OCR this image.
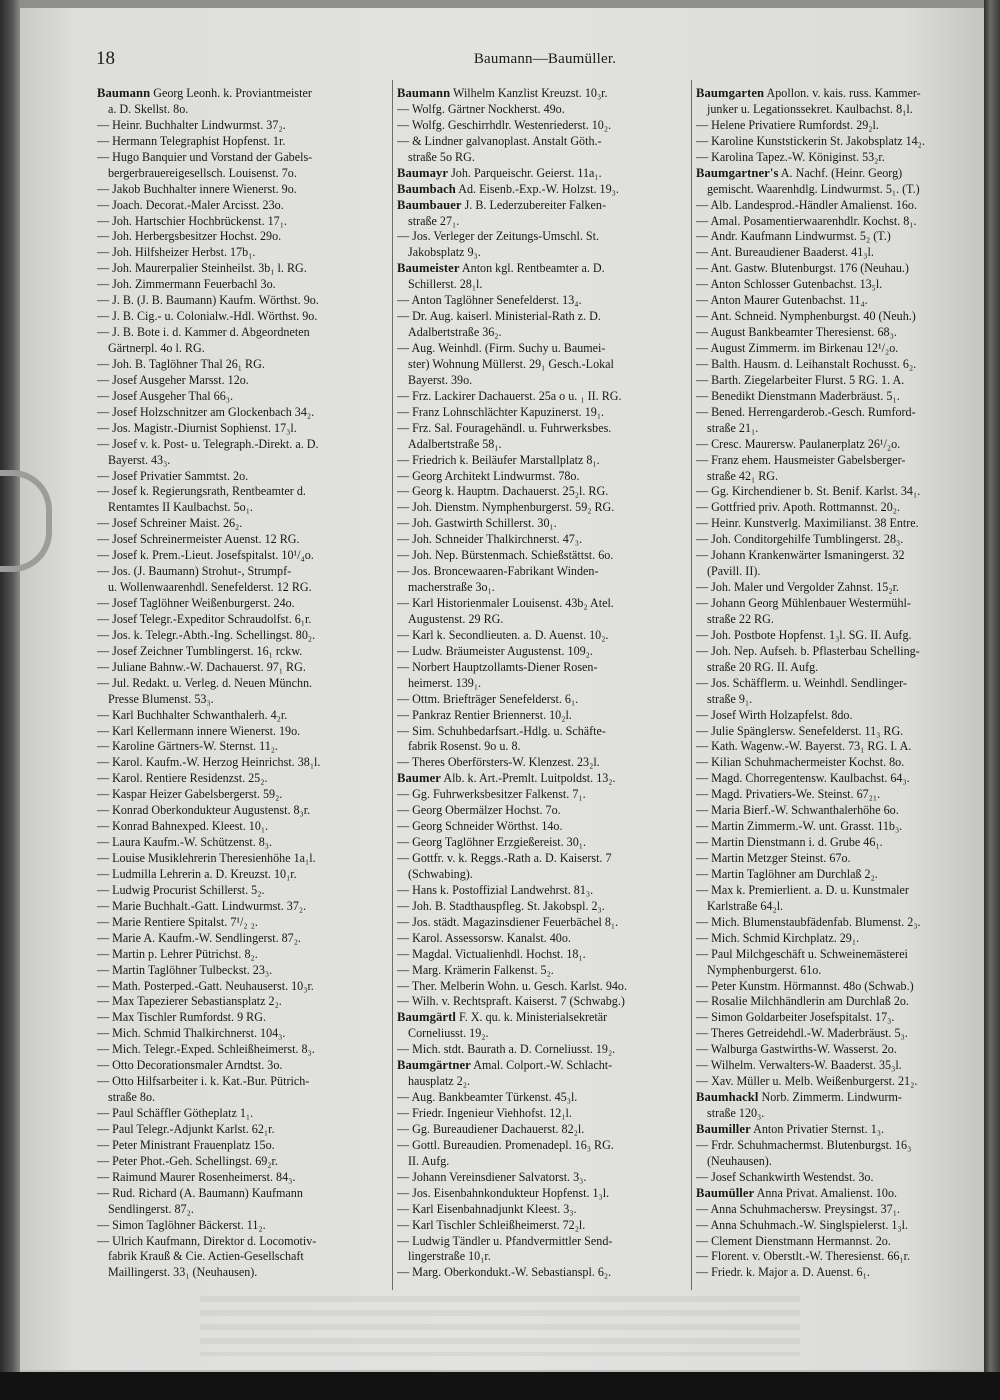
18	Baumann—Baumüller.
Baumann Georg Leonh. k. Proviantmeister
a. D. Skellst. 8o.
— Heinr. Buchhalter Lindwurmst. 37₂.
— Hermann Telegraphist Hopfenst. 1r.
— Hugo Banquier und Vorstand der Gabels-
bergerbrauereigesellsch. Louisenst. 7o.
— Jakob Buchhalter innere Wienerst. 9o.
— Joach. Decorat.-Maler Arcisst. 23o.
— Joh. Hartschier Hochbrückenst. 17₁.
— Joh. Herbergsbesitzer Hochst. 29o.
— Joh. Hilfsheizer Herbst. 17b₁.
— Joh. Maurerpalier Steinheilst. 3b₁ l. RG.
— Joh. Zimmermann Feuerbachl 3o.
— J. B. (J. B. Baumann) Kaufm. Wörthst. 9o.
— J. B. Cig.- u. Colonialw.-Hdl. Wörthst. 9o.
— J. B. Bote i. d. Kammer d. Abgeordneten
Gärtnerpl. 4o l. RG.
— Joh. B. Taglöhner Thal 26₁ RG.
— Josef Ausgeher Marsst. 12o.
— Josef Ausgeher Thal 66₃.
— Josef Holzschnitzer am Glockenbach 34₂.
— Jos. Magistr.-Diurnist Sophienst. 17₃l.
— Josef v. k. Post- u. Telegraph.-Direkt. a. D.
Bayerst. 43₃.
— Josef Privatier Sammtst. 2o.
— Josef k. Regierungsrath, Rentbeamter d.
Rentamtes II Kaulbachst. 5o₁.
— Josef Schreiner Maist. 26₂.
— Josef Schreinermeister Auenst. 12 RG.
— Josef k. Prem.-Lieut. Josefspitalst. 10¹/₄o.
— Jos. (J. Baumann) Strohut-, Strumpf-
u. Wollenwaarenhdl. Senefelderst. 12 RG.
— Josef Taglöhner Weißenburgerst. 24o.
— Josef Telegr.-Expeditor Schraudolfst. 6₁r.
— Jos. k. Telegr.-Abth.-Ing. Schellingst. 80₂.
— Josef Zeichner Tumblingerst. 16₁ rckw.
— Juliane Bahnw.-W. Dachauerst. 97₁ RG.
— Jul. Redakt. u. Verleg. d. Neuen Münchn.
Presse Blumenst. 53₃.
— Karl Buchhalter Schwanthalerh. 4₂r.
— Karl Kellermann innere Wienerst. 19o.
— Karoline Gärtners-W. Sternst. 11₂.
— Karol. Kaufm.-W. Herzog Heinrichst. 38₁l.
— Karol. Rentiere Residenzst. 25₂.
— Kaspar Heizer Gabelsbergerst. 59₂.
— Konrad Oberkondukteur Augustenst. 8₃r.
— Konrad Bahnexped. Kleest. 10₁.
— Laura Kaufm.-W. Schützenst. 8₃.
— Louise Musiklehrerin Theresienhöhe 1a₁l.
— Ludmilla Lehrerin a. D. Kreuzst. 10₁r.
— Ludwig Procurist Schillerst. 5₂.
— Marie Buchhalt.-Gatt. Lindwurmst. 37₂.
— Marie Rentiere Spitalst. 7¹/₂ ₂.
— Marie A. Kaufm.-W. Sendlingerst. 87₂.
— Martin p. Lehrer Pütrichst. 8₂.
— Martin Taglöhner Tulbeckst. 23₃.
— Math. Posterped.-Gatt. Neuhauserst. 10₃r.
— Max Tapezierer Sebastiansplatz 2₂.
— Max Tischler Rumfordst. 9 RG.
— Mich. Schmid Thalkirchnerst. 104₃.
— Mich. Telegr.-Exped. Schleißheimerst. 8₃.
— Otto Decorationsmaler Arndtst. 3o.
— Otto Hilfsarbeiter i. k. Kat.-Bur. Pütrich-
straße 8o.
— Paul Schäffler Götheplatz 1₁.
— Paul Telegr.-Adjunkt Karlst. 62₁r.
— Peter Ministrant Frauenplatz 15o.
— Peter Phot.-Geh. Schellingst. 69₂r.
— Raimund Maurer Rosenheimerst. 84₃.
— Rud. Richard (A. Baumann) Kaufmann
Sendlingerst. 87₂.
— Simon Taglöhner Bäckerst. 11₂.
— Ulrich Kaufmann, Direktor d. Locomotiv-
fabrik Krauß & Cie. Actien-Gesellschaft
Maillingerst. 33₁ (Neuhausen).
Baumann Wilhelm Kanzlist Kreuzst. 10₃r.
— Wolfg. Gärtner Nockherst. 49o.
— Wolfg. Geschirrhdlr. Westenriederst. 10₂.
— & Lindner galvanoplast. Anstalt Göth.-
straße 5o RG.
Baumayr Joh. Parqueischr. Geierst. 11a₁.
Baumbach Ad. Eisenb.-Exp.-W. Holzst. 19₃.
Baumbauer J. B. Lederzubereiter Falken-
straße 27₁.
— Jos. Verleger der Zeitungs-Umschl. St.
Jakobsplatz 9₃.
Baumeister Anton kgl. Rentbeamter a. D.
Schillerst. 28₁l.
— Anton Taglöhner Senefelderst. 13₄.
— Dr. Aug. kaiserl. Ministerial-Rath z. D.
Adalbertstraße 36₂.
— Aug. Weinhdl. (Firm. Suchy u. Baumei-
ster) Wohnung Müllerst. 29₁ Gesch.-Lokal
Bayerst. 39o.
— Frz. Lackirer Dachauerst. 25a o u. ₁ II. RG.
— Franz Lohnschlächter Kapuzinerst. 19₁.
— Frz. Sal. Fouragehändl. u. Fuhrwerksbes.
Adalbertstraße 58₁.
— Friedrich k. Beiläufer Marstallplatz 8₁.
— Georg Architekt Lindwurmst. 78o.
— Georg k. Hauptm. Dachauerst. 25₂l. RG.
— Joh. Dienstm. Nymphenburgerst. 59₂ RG.
— Joh. Gastwirth Schillerst. 30₁.
— Joh. Schneider Thalkirchnerst. 47₃.
— Joh. Nep. Bürstenmach. Schießstättst. 6o.
— Jos. Broncewaaren-Fabrikant Winden-
macherstraße 3o₁.
— Karl Historienmaler Louisenst. 43b₂ Atel.
Augustenst. 29 RG.
— Karl k. Secondlieuten. a. D. Auenst. 10₂.
— Ludw. Bräumeister Augustenst. 109₂.
— Norbert Hauptzollamts-Diener Rosen-
heimerst. 139₁.
— Ottm. Briefträger Senefelderst. 6₁.
— Pankraz Rentier Briennerst. 10₂l.
— Sim. Schuhbedarfsart.-Hdlg. u. Schäfte-
fabrik Rosenst. 9o u. 8.
— Theres Oberförsters-W. Klenzest. 23₂l.
Baumer Alb. k. Art.-Premlt. Luitpoldst. 13₂.
— Gg. Fuhrwerksbesitzer Falkenst. 7₁.
— Georg Obermälzer Hochst. 7o.
— Georg Schneider Wörthst. 14o.
— Georg Taglöhner Erzgießereist. 30₁.
— Gottfr. v. k. Reggs.-Rath a. D. Kaiserst. 7
(Schwabing).
— Hans k. Postoffizial Landwehrst. 81₃.
— Joh. B. Stadthauspfleg. St. Jakobspl. 2₃.
— Jos. städt. Magazinsdiener Feuerbächel 8₁.
— Karol. Assessorsw. Kanalst. 40o.
— Magdal. Victualienhdl. Hochst. 18₁.
— Marg. Krämerin Falkenst. 5₂.
— Ther. Melberin Wohn. u. Gesch. Karlst. 94o.
— Wilh. v. Rechtspraft. Kaiserst. 7 (Schwabg.)
Baumgärtl F. X. qu. k. Ministerialsekretär
Corneliusst. 19₂.
— Mich. stdt. Baurath a. D. Corneliusst. 19₂.
Baumgärtner Amal. Colport.-W. Schlacht-
hausplatz 2₂.
— Aug. Bankbeamter Türkenst. 45₃l.
— Friedr. Ingenieur Viehhofst. 12₁l.
— Gg. Bureaudiener Dachauerst. 82₂l.
— Gottl. Bureaudien. Promenadepl. 16₃ RG.
II. Aufg.
— Johann Vereinsdiener Salvatorst. 3₃.
— Jos. Eisenbahnkondukteur Hopfenst. 1₃l.
— Karl Eisenbahnadjunkt Kleest. 3₃.
— Karl Tischler Schleißheimerst. 72₂l.
— Ludwig Tändler u. Pfandvermittler Send-
lingerstraße 10₁r.
— Marg. Oberkondukt.-W. Sebastianspl. 6₂.
Baumgarten Apollon. v. kais. russ. Kammer-
junker u. Legationssekret. Kaulbachst. 8₁l.
— Helene Privatiere Rumfordst. 29₂l.
— Karoline Kunststickerin St. Jakobsplatz 14₂.
— Karolina Tapez.-W. Königinst. 53₂r.
Baumgartner's A. Nachf. (Heinr. Georg)
gemischt. Waarenhdlg. Lindwurmst. 5₁. (T.)
— Alb. Landesprod.-Händler Amalienst. 16o.
— Amal. Posamentierwaarenhdlr. Kochst. 8₁.
— Andr. Kaufmann Lindwurmst. 5₂ (T.)
— Ant. Bureaudiener Baaderst. 41₃l.
— Ant. Gastw. Blutenburgst. 176 (Neuhau.)
— Anton Schlosser Gutenbachst. 13₅l.
— Anton Maurer Gutenbachst. 11₄.
— Ant. Schneid. Nymphenburgst. 40 (Neuh.)
— August Bankbeamter Theresienst. 68₃.
— August Zimmerm. im Birkenau 12¹/₂o.
— Balth. Hausm. d. Leihanstalt Rochusst. 6₂.
— Barth. Ziegelarbeiter Flurst. 5 RG. 1. A.
— Benedikt Dienstmann Maderbräust. 5₁.
— Bened. Herrengarderob.-Gesch. Rumford-
straße 21₁.
— Cresc. Maurersw. Paulanerplatz 26¹/₂o.
— Franz ehem. Hausmeister Gabelsberger-
straße 42₁ RG.
— Gg. Kirchendiener b. St. Benif. Karlst. 34₁.
— Gottfried priv. Apoth. Rottmannst. 20₂.
— Heinr. Kunstverlg. Maximilianst. 38 Entre.
— Joh. Conditorgehilfe Tumblingerst. 28₃.
— Johann Krankenwärter Ismaningerst. 32
(Pavill. II).
— Joh. Maler und Vergolder Zahnst. 15₂r.
— Johann Georg Mühlenbauer Westermühl-
straße 22 RG.
— Joh. Postbote Hopfenst. 1₃l. SG. II. Aufg.
— Joh. Nep. Aufseh. b. Pflasterbau Schelling-
straße 20 RG. II. Aufg.
— Jos. Schäfflerm. u. Weinhdl. Sendlinger-
straße 9₁.
— Josef Wirth Holzapfelst. 8do.
— Julie Spänglersw. Senefelderst. 11₃ RG.
— Kath. Wagenw.-W. Bayerst. 73₁ RG. I. A.
— Kilian Schuhmachermeister Kochst. 8o.
— Magd. Chorregentensw. Kaulbachst. 64₃.
— Magd. Privatiers-We. Steinst. 67₂₁.
— Maria Bierf.-W. Schwanthalerhöhe 6o.
— Martin Zimmerm.-W. unt. Grasst. 11b₃.
— Martin Dienstmann i. d. Grube 46₁.
— Martin Metzger Steinst. 67o.
— Martin Taglöhner am Durchlaß 2₂.
— Max k. Premierlient. a. D. u. Kunstmaler
Karlstraße 64₂l.
— Mich. Blumenstaubfädenfab. Blumenst. 2₃.
— Mich. Schmid Kirchplatz. 29₁.
— Paul Milchgeschäft u. Schweinemästerei
Nymphenburgerst. 61o.
— Peter Kunstm. Hörmannst. 48o (Schwab.)
— Rosalie Milchhändlerin am Durchlaß 2o.
— Simon Goldarbeiter Josefspitalst. 17₃.
— Theres Getreidehdl.-W. Maderbräust. 5₃.
— Walburga Gastwirths-W. Wasserst. 2o.
— Wilhelm. Verwalters-W. Baaderst. 35₃l.
— Xav. Müller u. Melb. Weißenburgerst. 21₂.
Baumhackl Norb. Zimmerm. Lindwurm-
straße 120₃.
Baumiller Anton Privatier Sternst. 1₃.
— Frdr. Schuhmachermst. Blutenburgst. 16₃
(Neuhausen).
— Josef Schankwirth Westendst. 3o.
Baumüller Anna Privat. Amalienst. 10o.
— Anna Schuhmachersw. Preysingst. 37₁.
— Anna Schuhmach.-W. Singlspielerst. 1₃l.
— Clement Dienstmann Hermannst. 2o.
— Florent. v. Oberstlt.-W. Theresienst. 66₁r.
— Friedr. k. Major a. D. Auenst. 6₁.
